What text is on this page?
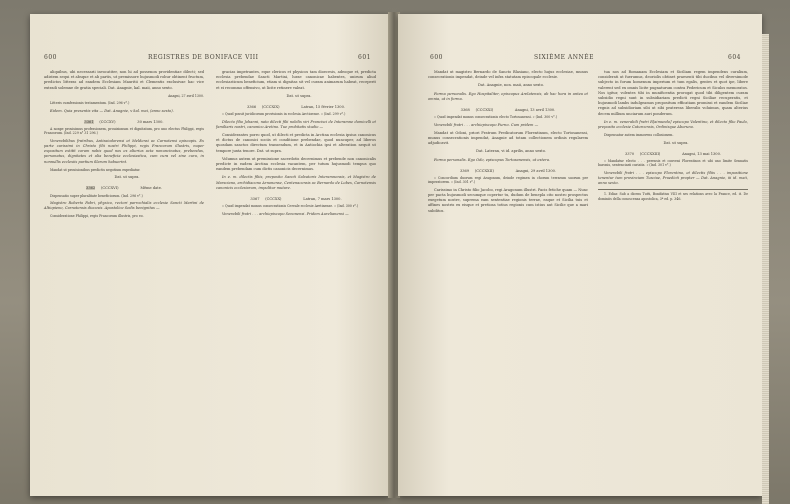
600	REGISTRES DE BONIFACE VIII	601

aliquibus, ubi necessarii invocatiter, non hi ad possenon providentiae dilecti; sed adistem sequi et absque et ab partis, ut premissore hujusmodi robur obtinent fructum, predictos litteras ad eandem Ecclesiam Mauritii et Clementis exclusivae hac vice extradi solemne de gratia speciali. Dat. Anagnie, kal. maii, anno sexto.

Anagni, 27 avril 1300.

Litteris cumfessionis testamentum. (Ind. 296 v°.)

Eidem. Quia presentis vita — Dat. Anagnie, v kal. mai, (anno sexto).

3361 (CCCXV)	30 mars 1300.

A nonpe prouisimus professionem, prouisionum et dignitatum, pro uno electus Philippi, regis Francorum. (Ind. 229 n° 31 296.)

Venerabilibus fratribus, Antissiodorensi et Meldensi ac Carnotensi episcopis. Ex parte carissimi in Christo filii nostri Philippi, regis Francorum illustris, nuper expositum extitit coram nobis quod nos ex alterius acta nonuncinatus, prebendas, personatus, dignitates et alia beneficia ecclesiastica, cum cura vel sine cura, in nonnullis ecclesiis partium illarum habuerint.

Mandat ut prouisionibus predictis negotium expediatur.

Dat. ut supra.

3362 (CCCXVI)	Même date.

Dispensatio super pluralitate beneficiorum. (Ind. 296 v°.)

Magistro Roberto Fabri, physico, rectori parrochialis ecclesie Sancti Martini de Altiopieno, Carnotensis diocesis. Apostolice Sedis benignitas —

Consideratione Philippi, regis Francorum illustris, pro eo.

gracias impetrantes, eque clericos et physicos tam dioecesis, adeoque et, predicta ecclesia prebendae Sancti Martini, lurae canonicae habentes, unirum aliud ecclesiasticum beneficium, etiam si dignitas sit vel curam animarum habeat, receperit et ei recommo offensivo, ut licite retinere valeat.

Dat. ut supra.

3366 (CCCXIX)	Latran, 15 février 1300.

« Quod possit juridicorum provisionis in ecclesia Arctioense. » (Ind. 299 v°.)

Dilecto filio Johanni, nato dilecti filii nobilis viri Francisci de Interamne domicelli et familiaris nostri, canonico Aretino. Tue probitatis studio —

Considerantes porro quod, ut dilecti et predicta in Arctina ecclesia ipsius canonicus et dictus de canonici sociis et conditione prebendae, quod nuncuper, ad liberos quosdam sanctos directum transendum, et in Antiochia ipsi et alteration nequit ut tempore juxta tenore. Dat. ut supra.

Volumus autem ut premissione sacerdotis decernimus et prebende non canonicalis predicte in eadem Arctina ecclesia vacantem, per tutum hujusmodi tempus quo eandem prebendam cum dictis canonicis decernimus.

In e. m. dilectis filiis, preposito Sancti Salvatoris Interamnensis, et Magistro de Marsciano, archidiacono Arnonense, Centenacensis ac Bernardo de Lobes, Carnotensis canonicis ecclesiarum, impulitur mutare.

3367 (CCCXX)	Latran, 7 mars 1300.

« Quod impendat munus consecrationis Cereale ecclesie Aretinense. » (Ind. 300 r°.)

Venerabili fratri . . . archiepiscopo Senonensi. Pridem Aurelianensi —

600	SIXIÈME ANNÉE	604

Mandat ut magistro Bernardo de Sancto Blasiano, electo hujus ecclesiae, munus consecrationis impendat, deinde vel infra statutam episcopale ecclesie.

Dat. Anagnie, non. maii, anno sexto.

Forma personalis. Ego Hospitaliter, episcopus Arelatensis, ab hac hora in antea et omnia, ut in forma.

3368 (CCCXXI)	Anagni, 13 avril 1300.

« Quod impendat munus consecrationis electo Tortosanensi. » (Ind. 300 v°.)

Venerabili fratri . . . archiepiscopo Furno. Cum pridem —

Mandat ut Odoni, priori Fratrum Predicatorum Florentinum, electo Tortosanensi, munus consecrationis impendat, Anagnie ad totam collectionem ordinis regularem adjudicavit.

Dat. Lateran, vi id. aprilis, anno sexto.

Forma personalis. Ego Odo, episcopus Tortosanensis, ut extera.

3369 (CCCXXII)	Anagni, 29 avril 1300.

« Concordium duorum regi Aragonum, deinde regimen in chorum terrarum suorum per imperatorem. » (Ind. 301 r°.)

Carissimo in Christo filio Jacobo, regi Aragonum illustri. Pacis fetiche quam — Nunc per pacta hujusmodi secumque copertur tu, dudum de benepla cito nostro prospectus exegetum nostre, suprema eam sententiae regionis terrae, eaque et Sicilia tuis et affines nostris ex eisque et pretiosa totius regionis cum istius aut Sicilie que a mari subditos.

tua nos ad Romanam Ecclesiam et Siciliam regem impendens curalium, considerati ut fuerumus, deoriolis obtinet praesenti tibi ducibus vel diversimode subjecto in forum homenum imperium et tum egalis, gentes et quot ipe, libere valerent sed ex omnis licite pugnaturum contra Federicum et Siculos memoratos. Nos igitur, volentes tibi in munificentia prorogat quod tibi diligentem curam subsidio regni sunt in subsidiariam predicti regni Siciliae recuperatis, et hujusmodi lambs indulgeamus propositum efficatiam promissi et eandem Siciliae regnis ad subsidioriam sibi ut sibi pratereas liberalis voluimus, quam alterius decem millium unciarum auri ponderum.

In e. m. venerabili fratri R[aimundo] episcopo Valentino, et dilecto filio Paulo, preposito ecclesie Caturcensis, Ordinisque Aboruno.

Dispensatur autem immovens collusionem.

Dat. ut supra.

3370 (CCCXXIII)	Anagni, 13 mai 1300.

« Mandatur electo . . . perensis et conveni Florentinos et ubi uno limite Sennatis baronis, sentenciarii curiatis. » (Ind. 301 v°.)

Venerabili fratri . . . episcopo Florentino, et dilectis filiis . . . impositione tenentur tum provinciam Tusciae, Praedicti propter — Dat. Anagnie, iii id. maii, anno sexto.

1. Ediar. Sub a dicens Tutti, Bonifatius VIII et ses relations avec la France, ed. it. De dominiis della conoscenza apostolica, 3ª ed. p. 346.
